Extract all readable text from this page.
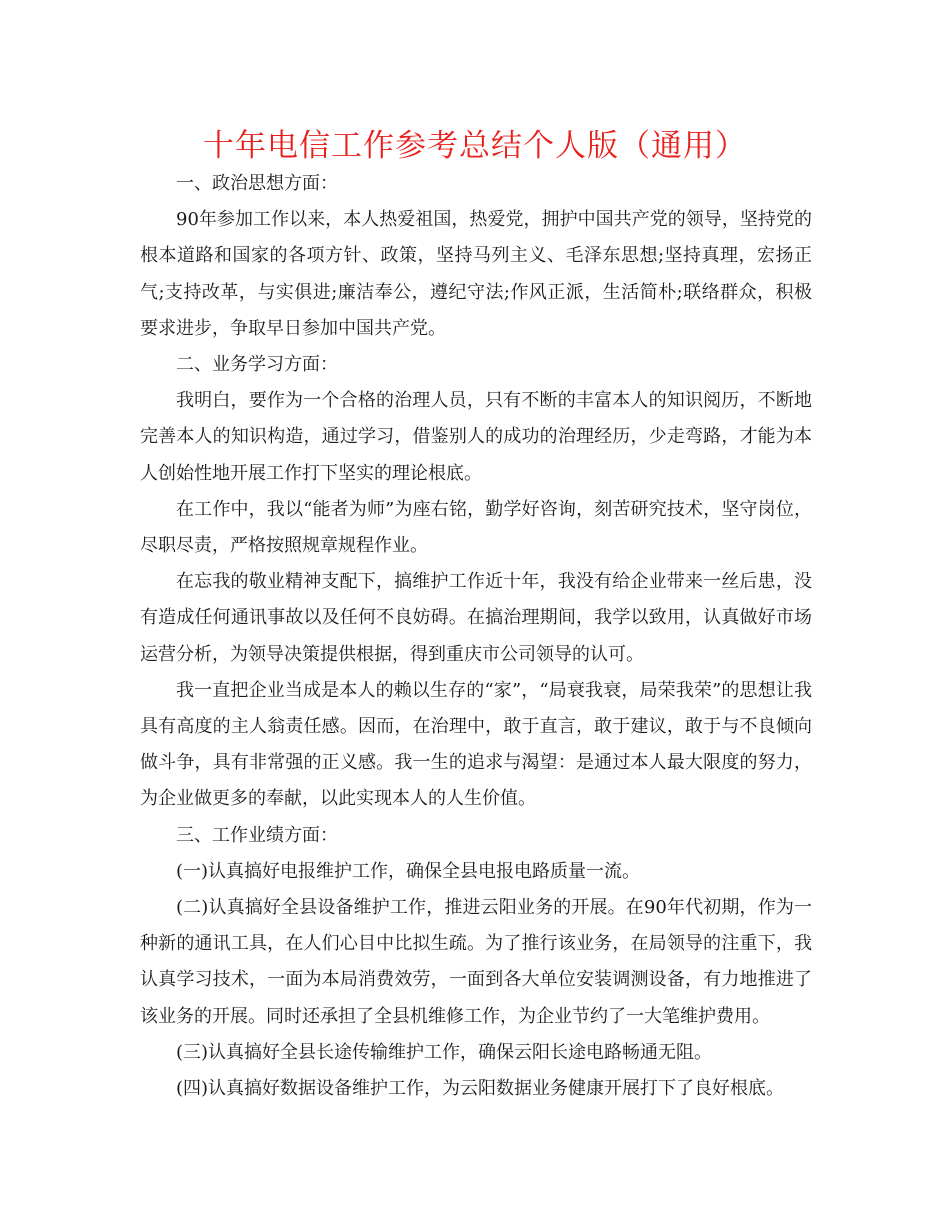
十年电信工作参考总结个人版（通用）

一、政治思想方面：

90年参加工作以来，本人热爱祖国，热爱党，拥护中国共产党的领导，坚持党的根本道路和国家的各项方针、政策，坚持马列主义、毛泽东思想;坚持真理，宏扬正气;支持改革，与实俱进;廉洁奉公，遵纪守法;作风正派，生活简朴;联络群众，积极要求进步，争取早日参加中国共产党。

二、业务学习方面：

我明白，要作为一个合格的治理人员，只有不断的丰富本人的知识阅历，不断地完善本人的知识构造，通过学习，借鉴别人的成功的治理经历，少走弯路，才能为本人创始性地开展工作打下坚实的理论根底。

在工作中，我以“能者为师”为座右铭，勤学好咨询，刻苦研究技术，坚守岗位，尽职尽责，严格按照规章规程作业。

在忘我的敬业精神支配下，搞维护工作近十年，我没有给企业带来一丝后患，没有造成任何通讯事故以及任何不良妨碍。在搞治理期间，我学以致用，认真做好市场运营分析，为领导决策提供根据，得到重庆市公司领导的认可。

我一直把企业当成是本人的赖以生存的“家”，“局衰我衰，局荣我荣”的思想让我具有高度的主人翁责任感。因而，在治理中，敢于直言，敢于建议，敢于与不良倾向做斗争，具有非常强的正义感。我一生的追求与渴望：是通过本人最大限度的努力，为企业做更多的奉献，以此实现本人的人生价值。

三、工作业绩方面：

(一)认真搞好电报维护工作，确保全县电报电路质量一流。

(二)认真搞好全县设备维护工作，推进云阳业务的开展。在90年代初期，作为一种新的通讯工具，在人们心目中比拟生疏。为了推行该业务，在局领导的注重下，我认真学习技术，一面为本局消费效劳，一面到各大单位安装调测设备，有力地推进了该业务的开展。同时还承担了全县机维修工作，为企业节约了一大笔维护费用。

(三)认真搞好全县长途传输维护工作，确保云阳长途电路畅通无阻。

(四)认真搞好数据设备维护工作，为云阳数据业务健康开展打下了良好根底。
